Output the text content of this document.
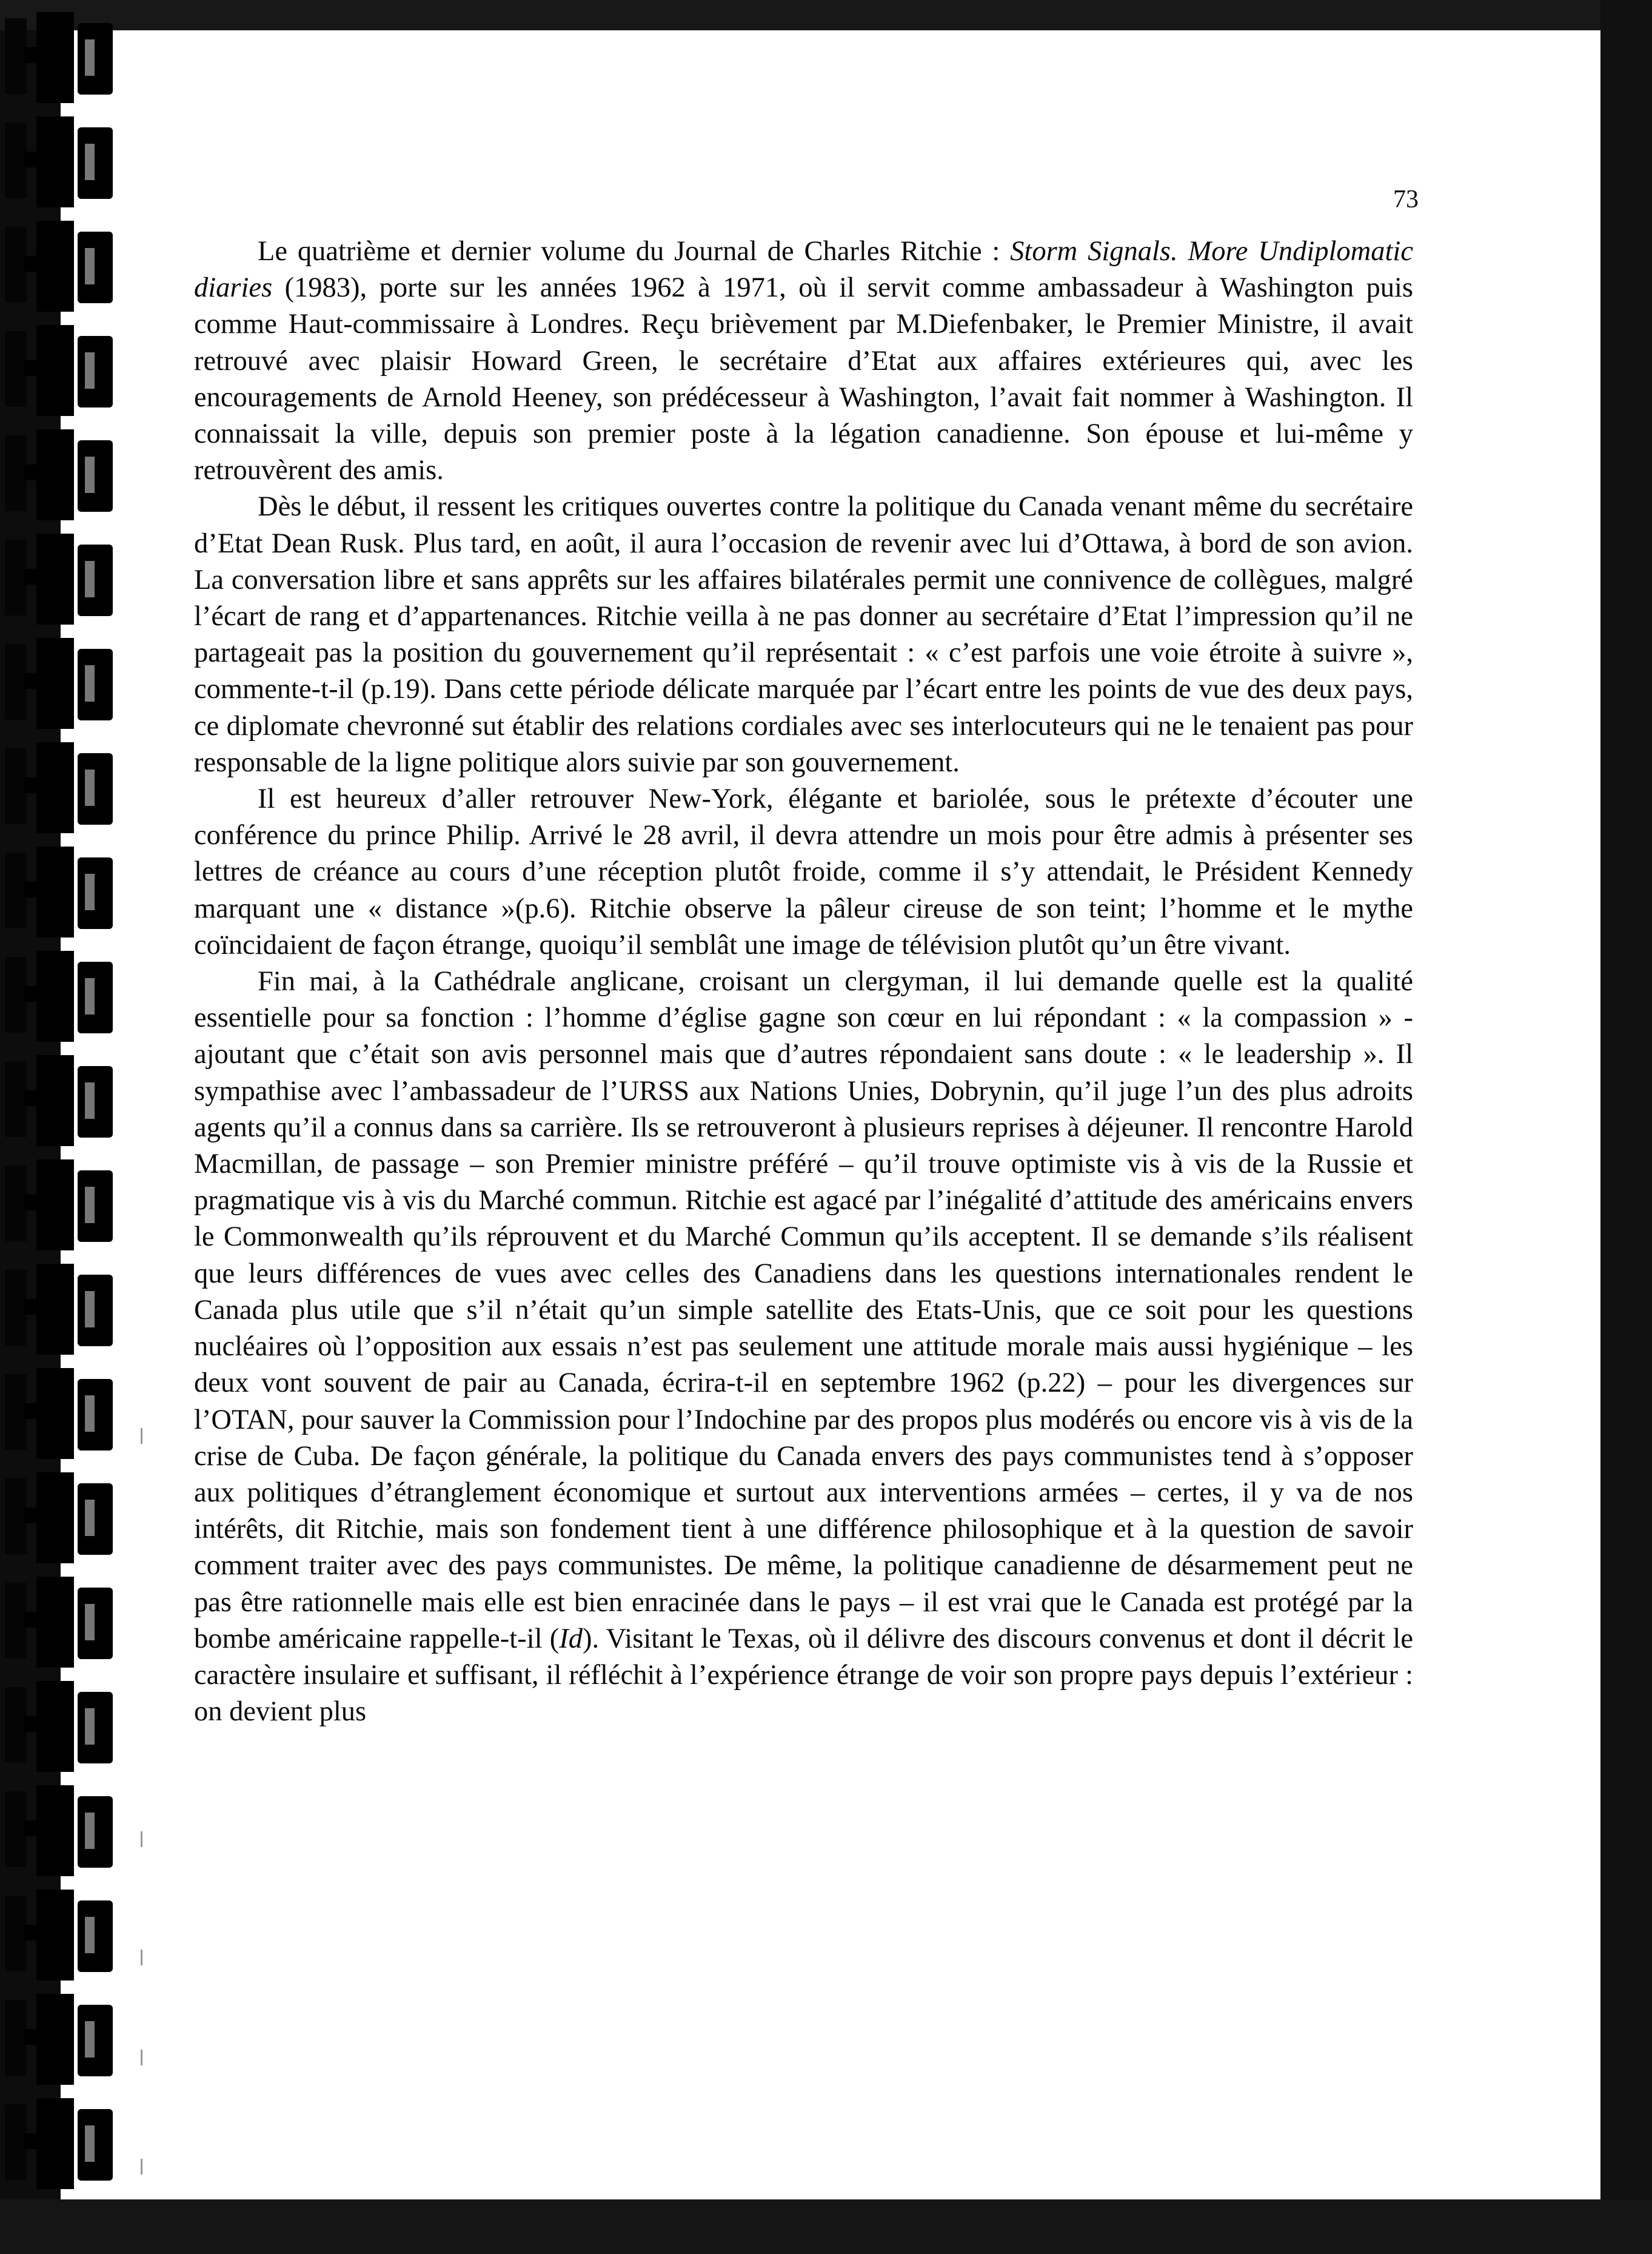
73

Le quatrième et dernier volume du Journal de Charles Ritchie : Storm Signals. More Undiplomatic diaries (1983), porte sur les années 1962 à 1971, où il servit comme ambassadeur à Washington puis comme Haut-commissaire à Londres. Reçu brièvement par M.Diefenbaker, le Premier Ministre, il avait retrouvé avec plaisir Howard Green, le secrétaire d’Etat aux affaires extérieures qui, avec les encouragements de Arnold Heeney, son prédécesseur à Washington, l’avait fait nommer à Washington. Il connaissait la ville, depuis son premier poste à la légation canadienne. Son épouse et lui-même y retrouvèrent des amis.

Dès le début, il ressent les critiques ouvertes contre la politique du Canada venant même du secrétaire d’Etat Dean Rusk. Plus tard, en août, il aura l’occasion de revenir avec lui d’Ottawa, à bord de son avion. La conversation libre et sans apprêts sur les affaires bilatérales permit une connivence de collègues, malgré l’écart de rang et d’appartenances. Ritchie veilla à ne pas donner au secrétaire d’Etat l’impression qu’il ne partageait pas la position du gouvernement qu’il représentait : « c’est parfois une voie étroite à suivre », commente-t-il (p.19). Dans cette période délicate marquée par l’écart entre les points de vue des deux pays, ce diplomate chevronné sut établir des relations cordiales avec ses interlocuteurs qui ne le tenaient pas pour responsable de la ligne politique alors suivie par son gouvernement.

Il est heureux d’aller retrouver New-York, élégante et bariolée, sous le prétexte d’écouter une conférence du prince Philip. Arrivé le 28 avril, il devra attendre un mois pour être admis à présenter ses lettres de créance au cours d’une réception plutôt froide, comme il s’y attendait, le Président Kennedy marquant une « distance »(p.6). Ritchie observe la pâleur cireuse de son teint; l’homme et le mythe coïncidaient de façon étrange, quoiqu’il semblât une image de télévision plutôt qu’un être vivant.

Fin mai, à la Cathédrale anglicane, croisant un clergyman, il lui demande quelle est la qualité essentielle pour sa fonction : l’homme d’église gagne son cœur en lui répondant : « la compassion » - ajoutant que c’était son avis personnel mais que d’autres répondaient sans doute : « le leadership ». Il sympathise avec l’ambassadeur de l’URSS aux Nations Unies, Dobrynin, qu’il juge l’un des plus adroits agents qu’il a connus dans sa carrière. Ils se retrouveront à plusieurs reprises à déjeuner. Il rencontre Harold Macmillan, de passage – son Premier ministre préféré – qu’il trouve optimiste vis à vis de la Russie et pragmatique vis à vis du Marché commun. Ritchie est agacé par l’inégalité d’attitude des américains envers le Commonwealth qu’ils réprouvent et du Marché Commun qu’ils acceptent. Il se demande s’ils réalisent que leurs différences de vues avec celles des Canadiens dans les questions internationales rendent le Canada plus utile que s’il n’était qu’un simple satellite des Etats-Unis, que ce soit pour les questions nucléaires où l’opposition aux essais n’est pas seulement une attitude morale mais aussi hygiénique – les deux vont souvent de pair au Canada, écrira-t-il en septembre 1962 (p.22) – pour les divergences sur l’OTAN, pour sauver la Commission pour l’Indochine par des propos plus modérés ou encore vis à vis de la crise de Cuba. De façon générale, la politique du Canada envers des pays communistes tend à s’opposer aux politiques d’étranglement économique et surtout aux interventions armées – certes, il y va de nos intérêts, dit Ritchie, mais son fondement tient à une différence philosophique et à la question de savoir comment traiter avec des pays communistes. De même, la politique canadienne de désarmement peut ne pas être rationnelle mais elle est bien enracinée dans le pays – il est vrai que le Canada est protégé par la bombe américaine rappelle-t-il (Id). Visitant le Texas, où il délivre des discours convenus et dont il décrit le caractère insulaire et suffisant, il réfléchit à l’expérience étrange de voir son propre pays depuis l’extérieur : on devient plus
